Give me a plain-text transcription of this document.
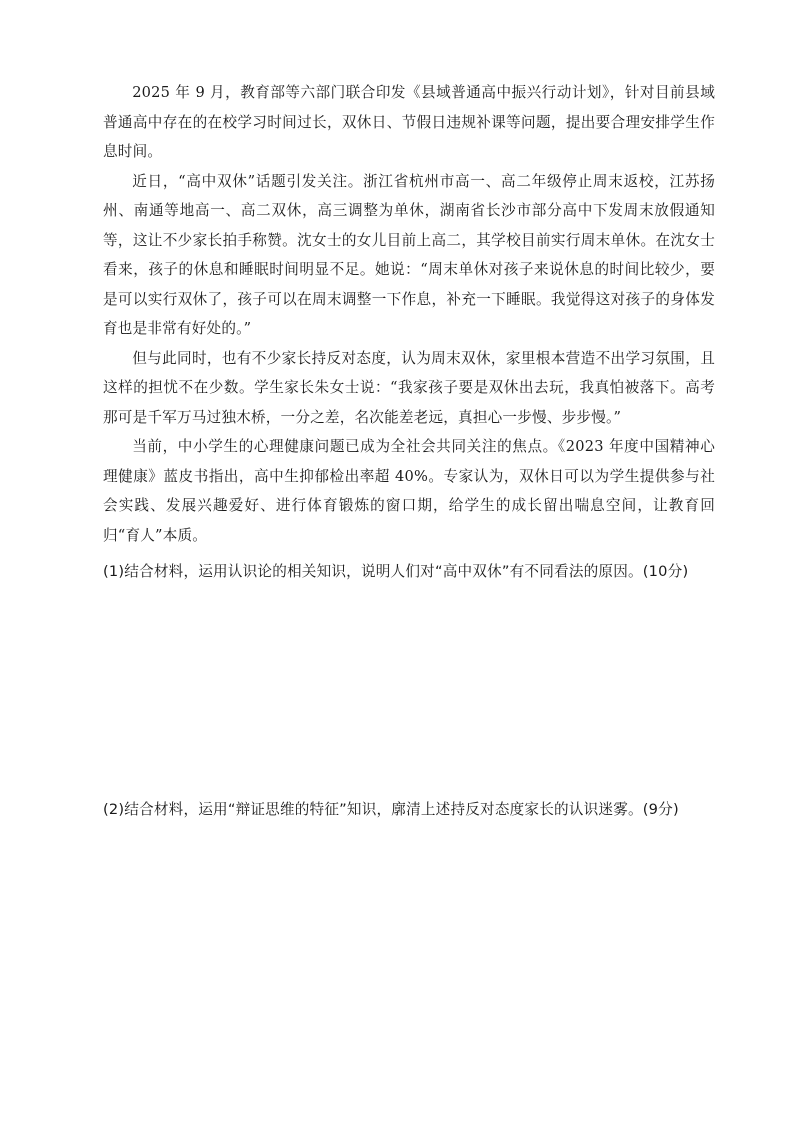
2025 年 9 月，教育部等六部门联合印发《县域普通高中振兴行动计划》，针对目前县域普通高中存在的在校学习时间过长，双休日、节假日违规补课等问题，提出要合理安排学生作息时间。

近日，“高中双休”话题引发关注。浙江省杭州市高一、高二年级停止周末返校，江苏扬州、南通等地高一、高二双休，高三调整为单休，湖南省长沙市部分高中下发周末放假通知等，这让不少家长拍手称赞。沈女士的女儿目前上高二，其学校目前实行周末单休。在沈女士看来，孩子的休息和睡眠时间明显不足。她说：“周末单休对孩子来说休息的时间比较少，要是可以实行双休了，孩子可以在周末调整一下作息，补充一下睡眠。我觉得这对孩子的身体发育也是非常有好处的。”

但与此同时，也有不少家长持反对态度，认为周末双休，家里根本营造不出学习氛围，且这样的担忧不在少数。学生家长朱女士说：“我家孩子要是双休出去玩，我真怕被落下。高考那可是千军万马过独木桥，一分之差，名次能差老远，真担心一步慢、步步慢。”

当前，中小学生的心理健康问题已成为全社会共同关注的焦点。《2023 年度中国精神心理健康》蓝皮书指出，高中生抑郁检出率超 40%。专家认为，双休日可以为学生提供参与社会实践、发展兴趣爱好、进行体育锻炼的窗口期，给学生的成长留出喘息空间，让教育回归“育人”本质。

(1)结合材料，运用认识论的相关知识，说明人们对“高中双休”有不同看法的原因。(10分)

(2)结合材料，运用“辩证思维的特征”知识，廓清上述持反对态度家长的认识迷雾。(9分)
